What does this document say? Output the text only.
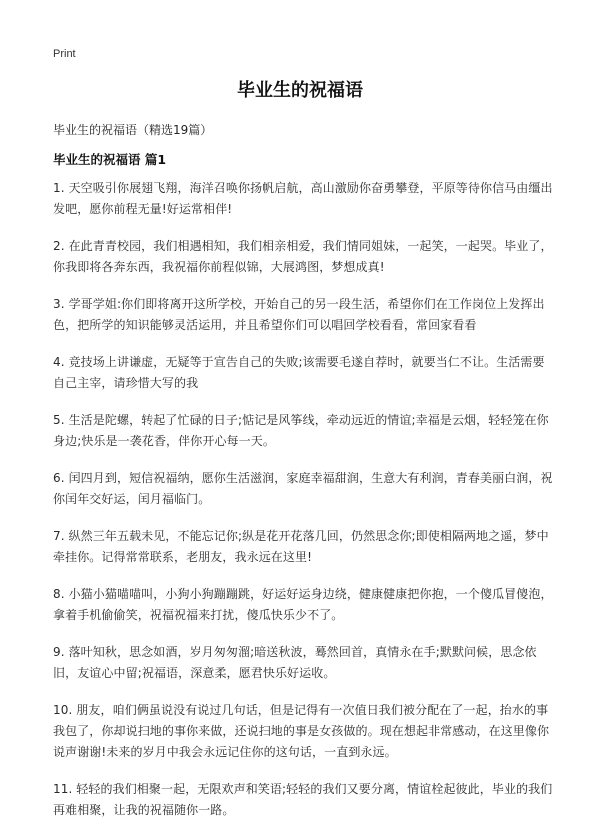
Print
毕业生的祝福语
毕业生的祝福语（精选19篇）
毕业生的祝福语 篇1

1. 天空吸引你展翅飞翔，海洋召唤你扬帆启航，高山激励你奋勇攀登，平原等待你信马由缰出发吧，愿你前程无量!好运常相伴!

2. 在此青青校园，我们相遇相知，我们相亲相爱，我们情同姐妹，一起笑，一起哭。毕业了，你我即将各奔东西，我祝福你前程似锦，大展鸿图，梦想成真!

3. 学哥学姐:你们即将离开这所学校，开始自己的另一段生活，希望你们在工作岗位上发挥出色，把所学的知识能够灵活运用，并且希望你们可以唱回学校看看，常回家看看

4. 竞技场上讲谦虚，无疑等于宣告自己的失败;该需要毛遂自荐时，就要当仁不让。生活需要自己主宰，请珍惜大写的我

5. 生活是陀螺，转起了忙碌的日子;惦记是风筝线，牵动远近的情谊;幸福是云烟，轻轻笼在你身边;快乐是一袭花香，伴你开心每一天。

6. 闰四月到，短信祝福纳，愿你生活滋润，家庭幸福甜润，生意大有利润，青春美丽白润，祝你闰年交好运，闰月福临门。

7. 纵然三年五载未见，不能忘记你;纵是花开花落几回，仍然思念你;即使相隔两地之遥，梦中牵挂你。记得常常联系，老朋友，我永远在这里!

8. 小猫小猫喵喵叫，小狗小狗蹦蹦跳，好运好运身边绕，健康健康把你抱，一个傻瓜冒傻泡，拿着手机偷偷笑，祝福祝福来打扰，傻瓜快乐少不了。

9. 落叶知秋，思念如酒，岁月匆匆溜;暗送秋波，蓦然回首，真情永在手;默默问候，思念依旧，友谊心中留;祝福语，深意柔，愿君快乐好运收。

10. 朋友，咱们俩虽说没有说过几句话，但是记得有一次值日我们被分配在了一起，抬水的事我包了，你却说扫地的事你来做，还说扫地的事是女孩做的。现在想起非常感动，在这里像你说声谢谢!未来的岁月中我会永远记住你的这句话，一直到永远。

11. 轻轻的我们相聚一起，无限欢声和笑语;轻轻的我们又要分离，情谊栓起彼此，毕业的我们再难相聚，让我的祝福随你一路。
